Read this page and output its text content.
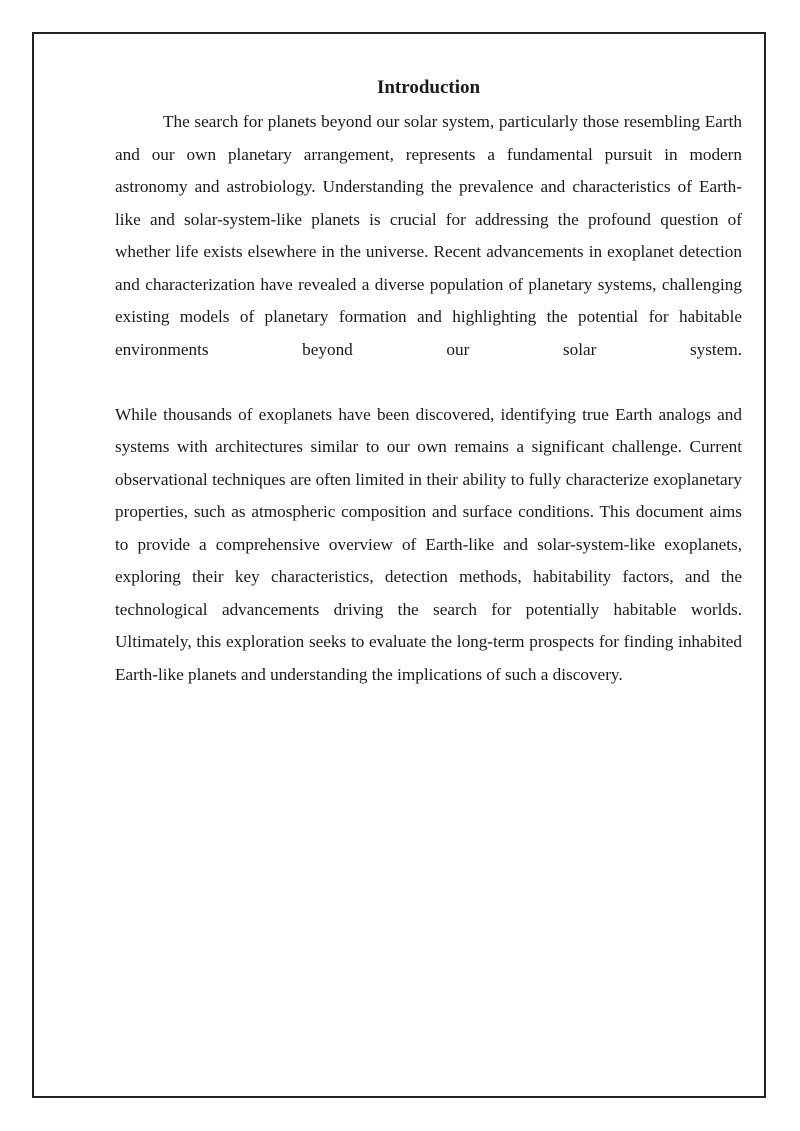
Introduction

The search for planets beyond our solar system, particularly those resembling Earth and our own planetary arrangement, represents a fundamental pursuit in modern astronomy and astrobiology. Understanding the prevalence and characteristics of Earth-like and solar-system-like planets is crucial for addressing the profound question of whether life exists elsewhere in the universe. Recent advancements in exoplanet detection and characterization have revealed a diverse population of planetary systems, challenging existing models of planetary formation and highlighting the potential for habitable environments beyond our solar system.

While thousands of exoplanets have been discovered, identifying true Earth analogs and systems with architectures similar to our own remains a significant challenge. Current observational techniques are often limited in their ability to fully characterize exoplanetary properties, such as atmospheric composition and surface conditions. This document aims to provide a comprehensive overview of Earth-like and solar-system-like exoplanets, exploring their key characteristics, detection methods, habitability factors, and the technological advancements driving the search for potentially habitable worlds. Ultimately, this exploration seeks to evaluate the long-term prospects for finding inhabited Earth-like planets and understanding the implications of such a discovery.
